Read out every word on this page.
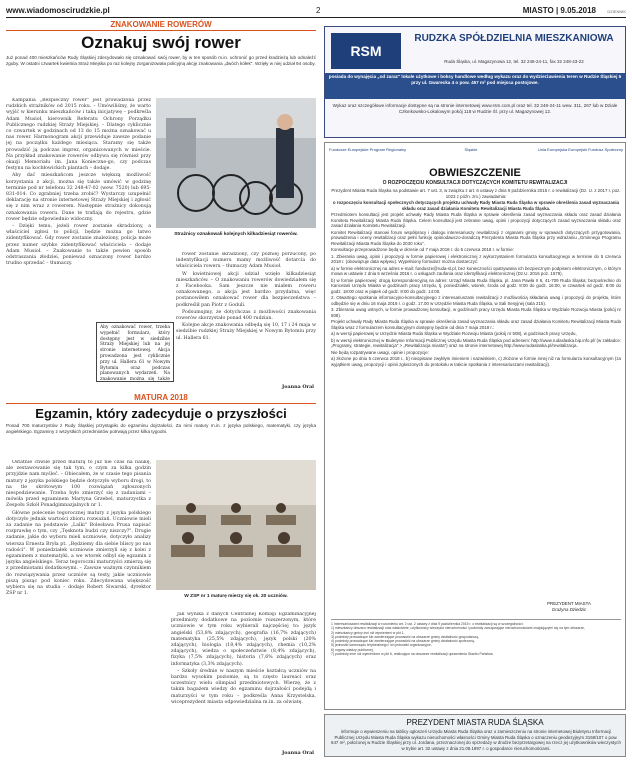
www.wiadomoscirudzkie.pl	2	MIASTO | 9.05.2018	DZIENNIK
ZNAKOWANIE ROWERÓW
Oznakuj swój rower
Już ponad 400 mieszkańców Rudy Śląskiej zdecydowało się oznakować swój rower, by w ten sposób m.in. uchronić go przed kradzieżą lub odnaleźć zguby. W ostatni czwartek kwietnia Straż Miejska po raz kolejny zorganizowała policyjną akcję znakowania „dwóch kółek". Wzięły w niej udział 94 osoby.

Kampania „Bezpieczny rower" jest prowadzona przez rudzkich strażników od 2015 roku. – Umówiliśmy, że warto wyjść w kierunku mieszkańców i taką inicjatywę – podkreśla Adam Musioł, kierownik Referatu Ochrony Porządku Publicznego rudzkiej Straży Miejskiej. – Dlatego cyklicznie co czwartek w godzinach od 13 do 15 można oznakować u nas rower. Harmonogram akcji przewiduje zawsze podanie jej na początku każdego miesiąca. Staramy się także prowadzić ją podczas imprez, organizowanych w mieście. Na przykład znakowanie rowerów odbywa się również przy okazji Memoriału im. Jana Konieczne-go, czy podczas festynu na kochłowickich plantach – dodaje.

Aby dać mieszkańcom jeszcze większą możliwość korzystania z akcji, można się także umówić w godzinę terminie pod nr telefonu 32 248-47-02 (wew. 7520) lub 695-831-014. Co zgrabniej trzeba zrobić? Wystarczy uzupełnić deklarację na stronie internetowej Straży Miejskiej i zgłosić się z nim wraz z rowerem. Następnie strażnicy dokonują oznakowania roweru. Dane te trafiają do rejestru, gdzie rower będzie odpowiednio widoczny.

– Dzięki temu, jeżeli rower zostanie skradziony, a właściciel zgłosi to policji, będzie można go łatwo zidentyfikować. Gdy rower zostanie znaleziony, policja może przez numer szybko zidentyfikować właściciela – dodaje Adam Musioł. – Znakowanie to także pewien sposób odstraszania złodziei, ponieważ oznaczony rower bardzo trudno sprzedać – tłumaczy.

Strażnicy oznakowali kolejnych kilkadziesiąt rowerów.

rower zostanie skradziony, czy później porzucony, po indentyfikacji numeru mamy możliwość dotarcia do właściciela roweru – tłumaczy Adam Musioł.

W kwietniowej akcji udział wzięło kilkadziesiąt mieszkańców. – O znakowaniu rowerów dowiedziałem się z Facebooka. Sam jeszcze nie miałem roweru oznakowanego, a akcja jest bardzo przydatna, więc postanowiłem oznakować rower dla bezpieczeństwa – podkreślił pan Piotr z Goduli.

Podsumujmy, że dotychczas z możliwości znakowania rowerów skorzystało ponad 400 rudzian.

Kolejne akcje znakowania odbędą się 10, 17 i 24 maja w siedzibie rudzkiej Straży Miejskiej w Nowym Bytomiu przy ul. Hallera 61.

Aby oznakować rower, trzeba wypełnić formularz, który dostępny jest w siedzibie Straży Miejskiej lub na jej stronie internetowej. Akcja prowadzona jest cyklicznie przy ul. Hallera 61 w Nowym Bytomiu oraz podczas planowanych wydarzeń. Na znakowanie można się także
Joanna Oral
MATURA 2018
Egzamin, który zadecyduje o przyszłości
Ponad 700 maturzystów z Rudy Śląskiej przystąpiło do egzaminu dojrzałości. Za nimi matury m.in. z języka polskiego, matematyki, czy języka angielskiego. Egzaminy z wszystkich przedmiotów potrwają przez kilka tygodni.

Ostatnie chwile przed maturą to już nie czas na naukę, ale zestawowanie się tak tym, o czym za kilka godzin przyjdzie nam myśleć. – Obiecałem, że w czasie tego pisania matury z języka polskiego będzie dotyczyło wyboru drogi, to na tle skrótowym 100 rozwiązań zgłoszonych niespodziewanie. Trzeba było zmierzyć się z zadaniami – mówiła przed egzaminem Martyna Grzebel, maturzystka z Zespołu Szkół Ponadgimnazjalnych nr 1.

Główne polecenie tegorocznej matury z języka polskiego dotyczyło jednak wartości zbioru rozważań. Uczniowie mieli za zadanie na podstawie „Lalki" Bolesława Prusa napisać rozprawkę o tym, czy „Tęsknota budzi czy niszczy?". Drugie zadanie, jakie do wyboru mieli uczniowie, dotyczyło analizy wiersza Ernesta Bryła pt. „Będziemy dla siebie bliscy po nas radości". W poniedziałek uczniowie zmierzyli się z kolei z egzaminem z matematyki, a we wtorek odbył się egzamin z języka angielskiego. Teraz tegoroczni maturzyści zmierzą się z przedmiotami dodatkowymi. – Zawsze ważnym czynnikiem do rozwiązywania przez uczniów są testy, jakie uczniowie piszą pisząc pod koniec roku. Zdecydowana większość wybiera się na studia – dodaje Robert Siwarski, dyrektor ZSP nr 1.

W ZSP nr 1 maturę mierzy się ok. 20 uczniów.

Jak wynika z danych Centralnej Komisji Egzaminacyjnej przedmioty dodatkowe na poziomie rozszerzonym, które uczniowie w tym roku wybierali najczęściej to: język angielski (53,8% zdających), geografia (16,7% zdających) matematyka (25,5% zdających), język polski (20% zdających), biologia (18,4% zdających), chemia (10,2% zdających), wiedza o społeczeństwie (8,4% zdających), fizyka (7,5% zdających), historia (7,6% zdających) oraz informatyka (3,3% zdających).

– Szkoły średnie w naszym mieście kształcą uczniów na bardzo wysokim poziomie, są to często laureaci oraz uczestnicy wielu olimpiad przedmiotowych. Wierzę, że z takim bagażem wiedzy do egzaminu dojrzałości podejdą i maturzyści w tym roku – podkreśla Anna Krzystelska, wiceprezydent miasta odpowiedzialna m.in. za oświatę.

Joanna Oral
RSM
RUDZKA SPÓŁDZIELNIA MIESZKANIOWA
Ruda Śląska, ul. Magazynowa 12, tel. 32 248-24-11, fax 32 248-43-22
posiada do wynajęcia „od zaraz" lokale użytkowe i boksy handlowe według wykazu oraz do wydzierżawienia teren w Rudzie Śląskiej 5 przy ul. Gwarecka 4 o pow. 457 m² pod miejsca postojowe.
Wykaz oraz szczegółowe informacje dostępne są na stronie internetowej www.rsm.com.pl oraz tel. 32 248-24-11 wew. 311, 267 lub w Dziale Członkowsko-Lokalowym pokój 118 w Rudzie Śl. przy ul. Magazynowej 12.
Fundusze Europejskie Program Regionalny	Śląskie	Unia Europejska Europejski Fundusz Społeczny
OBWIESZCZENIE
O ROZPOCZĘCIU KONSULTACJI DOTYCZĄCYCH KOMITETU REWITALIZACJI

Prezydent Miasta Ruda Śląska na podstawie art. 7 ust. 3, w związku z art. 6 ustawy z dnia 9 października 2015 r. o rewitalizacji (Dz. U. z 2017 r. poz. 1023 z późn. zm.) zawiadamia:

o rozpoczęciu konsultacji społecznych dotyczących projektu uchwały Rady Miasta Ruda Śląska w sprawie określenia zasad wyznaczania składu oraz zasad działania Komitetu Rewitalizacji Miasta Ruda Śląska.

Przedmiotem konsultacji jest projekt uchwały Rady Miasta Ruda Śląska w sprawie określenia zasad wyznaczania składu oraz zasad działania Komitetu Rewitalizacji Miasta Ruda Śląska. Celem konsultacji jest zebranie uwag, opinii i propozycji dotyczących zasad wyznaczania składu oraz zasad działania Komitetu Rewitalizacji.

Komitet Rewitalizacji stanowi forum współpracy i dialogu interesariuszy rewitalizacji z organami gminy w sprawach dotyczących przygotowania, prowadzenia i oceny rewitalizacji oraz pełni funkcję opiniodawczo-doradczą Prezydenta Miasta Ruda Śląska przy wdrażaniu „Gminnego Programu Rewitalizacji Miasta Ruda Śląska do 2030 roku".

Konsultacje przeprowadzone będą w okresie od 7 maja 2018 r. do 5 czerwca 2018 r. w formie:

1. Zbierania uwag, opinii i propozycji w formie papierowej i elektronicznej z wykorzystaniem formularza konsultacyjnego w terminie do 5 czerwca 2018 r. (obowiązuje data wpływu). Wypełniony formularz można dostarczyć:

a) w formie elektronicznej na adres e-mail: fundusze@ruda-sl.pl, bez konieczności opatrywania ich bezpiecznym podpisem elektronicznym, o którym mowa w ustawie z dnia 5 września 2016 r. o usługach zaufania oraz identyfikacji elektronicznej (Dz.U. 2016 poz. 1579),

b) w formie papierowej: drogą korespondencyjną na adres: Urząd Miasta Ruda Śląska, pl. Jana Pawła II 6, 41-709 Ruda Śląska; bezpośrednio do Kancelarii Urzędu Miasta w godzinach pracy Urzędu, tj. poniedziałek, wtorek, środa od godz. 8:00 do godz. 16:00, w czwartek od godz. 8:00 do godz. 18:00 oraz w piątek od godz. 8:00 do godz. 14:00.

2. Otwartego spotkania informacyjno-konsultacyjnego z interesariuszami rewitalizacji z możliwością składania uwag i propozycji do projektu, które odbędzie się w dniu 16 maja 2018 r. o godz. 17.00 w Urzędzie Miasta Ruda Śląska, w Sali Sesyjnej (sala 215).

3. Zbierania uwag ustnych, w formie prowadzonej konsultacji, w godzinach pracy Urzędu Miasta Ruda Śląska w Wydziale Rozwoju Miasta (pokój nr 508).

Projekt uchwały Rady Miasta Ruda Śląska w sprawie określenia zasad wyznaczania składu oraz zasad działania Komitetu Rewitalizacji Miasta Ruda Śląska wraz z formularzem konsultacyjnym dostępny będzie od dnia 7 maja 2018 r.:

a) w wersji papierowej w Urzędzie Miasta Ruda Śląska w Wydziale Rozwoju Miasta (pokój nr 508), w godzinach pracy Urzędu,

b) w wersji elektronicznej w Biuletynie Informacji Publicznej Urzędu Miasta Ruda Śląska pod adresem: http://www.rudaslaska.bip.info.pl/ (w zakładce: „Programy, strategie, rewitalizacja" > „Rewitalizacja miasta") oraz na stronie internetowej http://www.rudaslaska.pl/rewitalizacja.

Nie będą rozpatrywane uwagi, opinie i propozycje:

a) złożone po dniu 5 czerwca 2018 r., b) nieopisane zwykłym imieniem i nazwiskiem, c) złożone w formie innej niż na formularzu konsultacyjnym (za wyjątkiem uwag, propozycji i opinii zgłoszonych do protokołu w trakcie spotkania z interesariuszami rewitalizacji).

PREZYDENT MIASTA
Grażyna Dziedzic
1 Interesariuszami rewitalizacji w rozumieniu art. 2 ust. 2 ustawy z dnia 9 października 2015 r. o rewitalizacji są w szczególności:
1) mieszkańcy obszaru rewitalizacji oraz właściciele, użytkownicy wieczyści nieruchomości i podmioty zarządzające nieruchomościami znajdującymi się na tym obszarze,
2) mieszkańcy gminy inni niż wymienieni w pkt 1,
3) podmioty prowadzące lub zamierzające prowadzić na obszarze gminy działalność gospodarczą,
4) podmioty prowadzące lub zamierzające prowadzić na obszarze gminy działalność społeczną,
5) jednostki samorządu terytorialnego i ich jednostki organizacyjne,
6) organy władzy publicznej,
7) podmioty inne niż wymienione w pkt 6, realizujące na obszarze rewitalizacji uprawnienia Skarbu Państwa.
PREZYDENT MIASTA RUDA ŚLĄSKA
informuje o wywieszeniu na tablicy ogłoszeń Urzędu Miasta Ruda Śląska oraz o zamieszczeniu na stronie internetowej Biuletynu Informacji Publicznej Urzędu Miasta Ruda Śląska wykazu nieruchomości własności Gminy Miasta Ruda Śląska o oznaczeniu geodezyjnym 3158/107 o pow. 647 m², położonej w Rudzie Śląskiej przy ul. Jordana, przeznaczonej do sprzedaży w drodze bezprzetargowej na rzecz jej użytkowników wieczystych w trybie art. 32 ustawy z dnia 21.08.1997 r. o gospodarce nieruchomościami.
